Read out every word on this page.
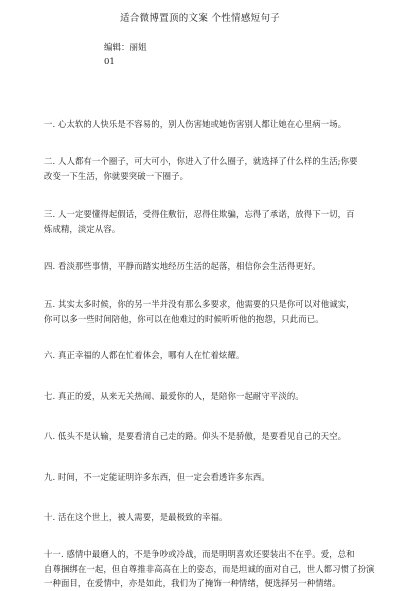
适合微博置顶的文案 个性情感短句子
编辑：丽姐
01
一. 心太软的人快乐是不容易的，别人伤害她或她伤害别人都让她在心里病一场。
二. 人人都有一个圈子，可大可小，你进入了什么圈子，就选择了什么样的生活;你要
改变一下生活，你就要突破一下圈子。
三. 人一定要懂得起假话，受得住敷衍，忍得住欺骗，忘得了承诺，放得下一切，百
炼成精，淡定从容。
四. 看淡那些事情，平静而踏实地经历生活的起落，相信你会生活得更好。
五. 其实太多时候，你的另一半并没有那么多要求，他需要的只是你可以对他诚实，
你可以多一些时间陪他，你可以在他难过的时候听听他的抱怨，只此而已。
六. 真正幸福的人都在忙着体会，哪有人在忙着炫耀。
七. 真正的爱，从来无关热闹、最爱你的人，是陪你一起耐守平淡的。
八. 低头不是认输，是要看清自己走的路。仰头不是骄傲，是要看见自己的天空。
九. 时间，不一定能证明许多东西，但一定会看透许多东西。
十. 活在这个世上，被人需要，是最极致的幸福。
十一. 感情中最磨人的，不是争吵或冷战，而是明明喜欢还要装出不在乎。爱，总和
自尊捆绑在一起，但自尊推非高高在上的姿态，而是坦诚的面对自己，世人都习惯了扮演
一种面目，在爱情中，亦是如此，我们为了掩饰一种情绪，便选择另一种情绪。
